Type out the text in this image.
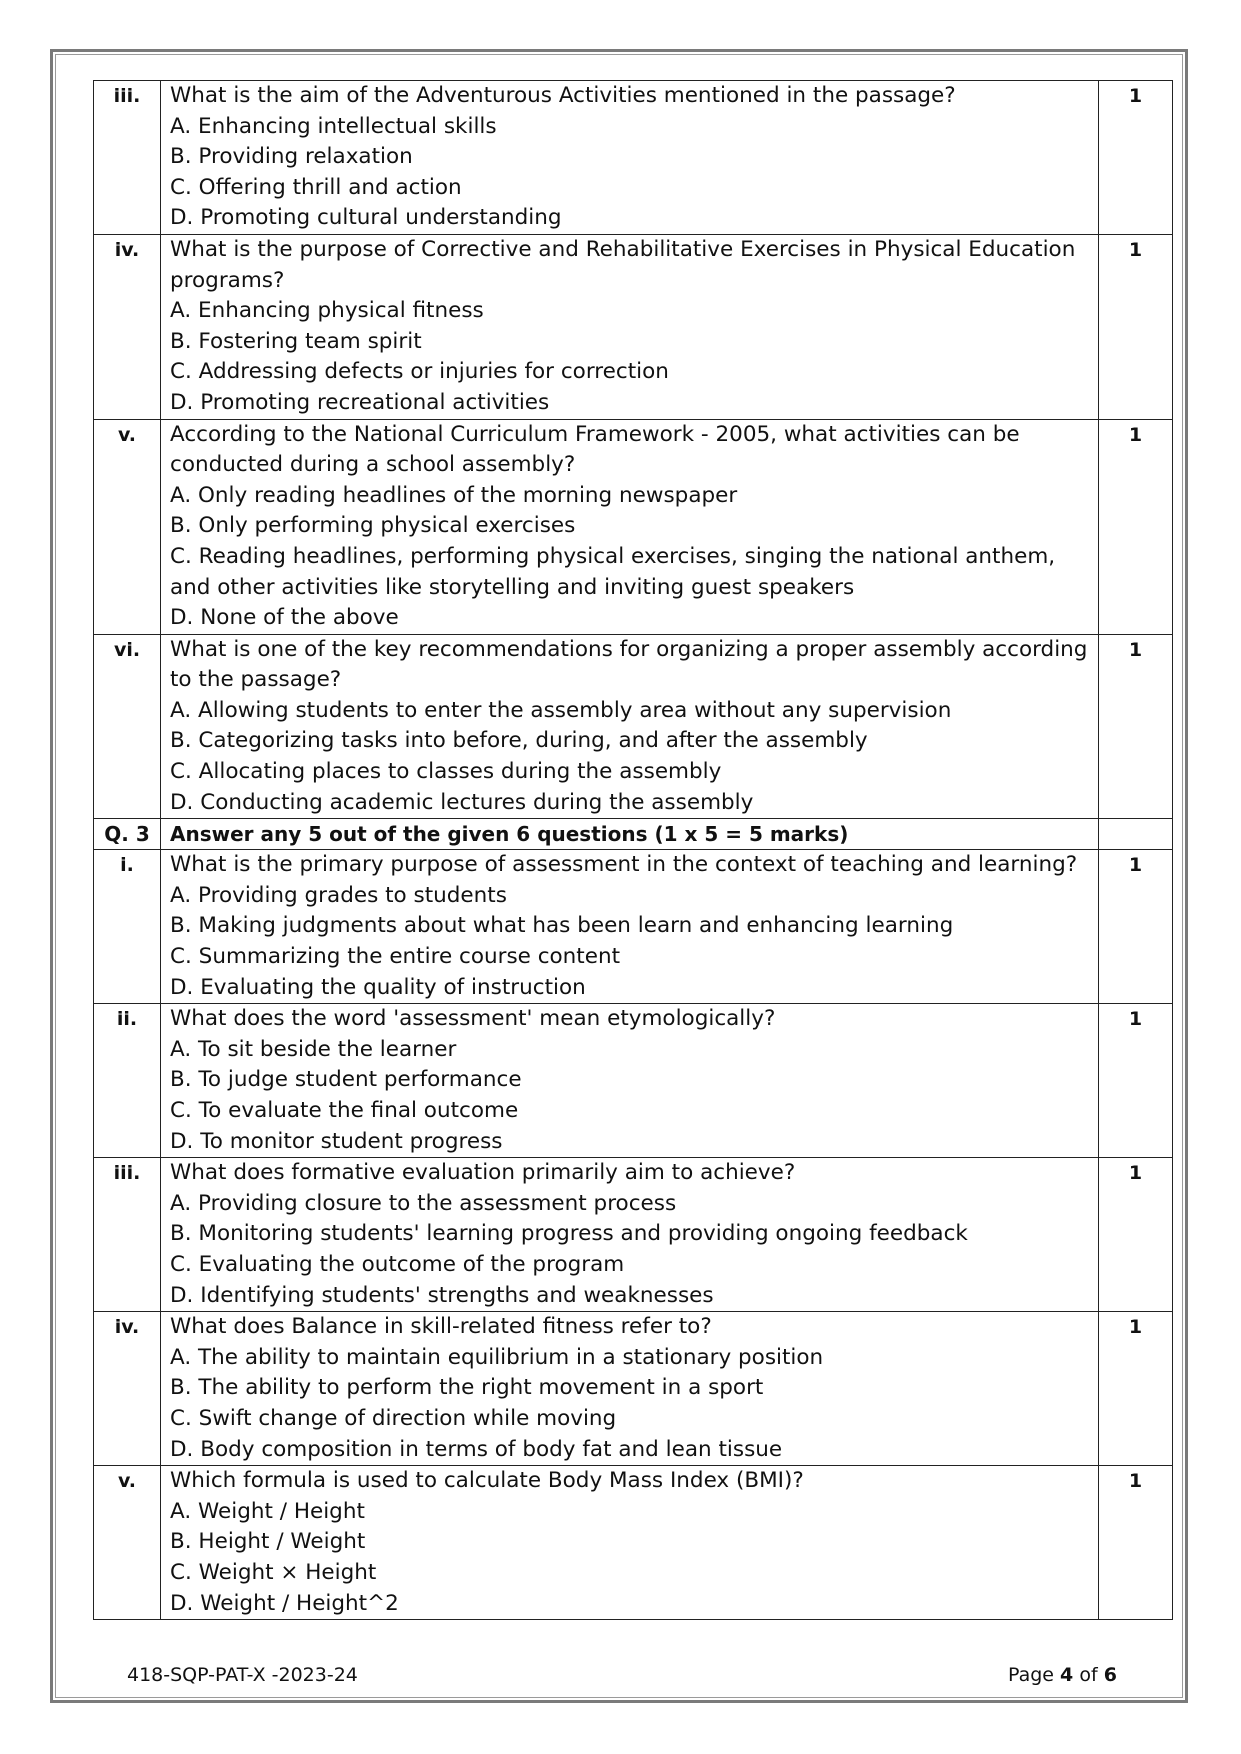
iii.	What is the aim of the Adventurous Activities mentioned in the passage?
A. Enhancing intellectual skills
B. Providing relaxation
C. Offering thrill and action
D. Promoting cultural understanding	1
iv.	What is the purpose of Corrective and Rehabilitative Exercises in Physical Education programs?
A. Enhancing physical fitness
B. Fostering team spirit
C. Addressing defects or injuries for correction
D. Promoting recreational activities	1
v.	According to the National Curriculum Framework - 2005, what activities can be conducted during a school assembly?
A. Only reading headlines of the morning newspaper
B. Only performing physical exercises
C. Reading headlines, performing physical exercises, singing the national anthem, and other activities like storytelling and inviting guest speakers
D. None of the above	1
vi.	What is one of the key recommendations for organizing a proper assembly according to the passage?
A. Allowing students to enter the assembly area without any supervision
B. Categorizing tasks into before, during, and after the assembly
C. Allocating places to classes during the assembly
D. Conducting academic lectures during the assembly	1
Q. 3	Answer any 5 out of the given 6 questions (1 x 5 = 5 marks)	
i.	What is the primary purpose of assessment in the context of teaching and learning?
A. Providing grades to students
B. Making judgments about what has been learn and enhancing learning
C. Summarizing the entire course content
D. Evaluating the quality of instruction	1
ii.	What does the word 'assessment' mean etymologically?
A. To sit beside the learner
B. To judge student performance
C. To evaluate the final outcome
D. To monitor student progress	1
iii.	What does formative evaluation primarily aim to achieve?
A. Providing closure to the assessment process
B. Monitoring students' learning progress and providing ongoing feedback
C. Evaluating the outcome of the program
D. Identifying students' strengths and weaknesses	1
iv.	What does Balance in skill-related fitness refer to?
A. The ability to maintain equilibrium in a stationary position
B. The ability to perform the right movement in a sport
C. Swift change of direction while moving
D. Body composition in terms of body fat and lean tissue	1
v.	Which formula is used to calculate Body Mass Index (BMI)?
A. Weight / Height
B. Height / Weight
C. Weight × Height
D. Weight / Height^2	1
418-SQP-PAT-X -2023-24	Page 4 of 6
